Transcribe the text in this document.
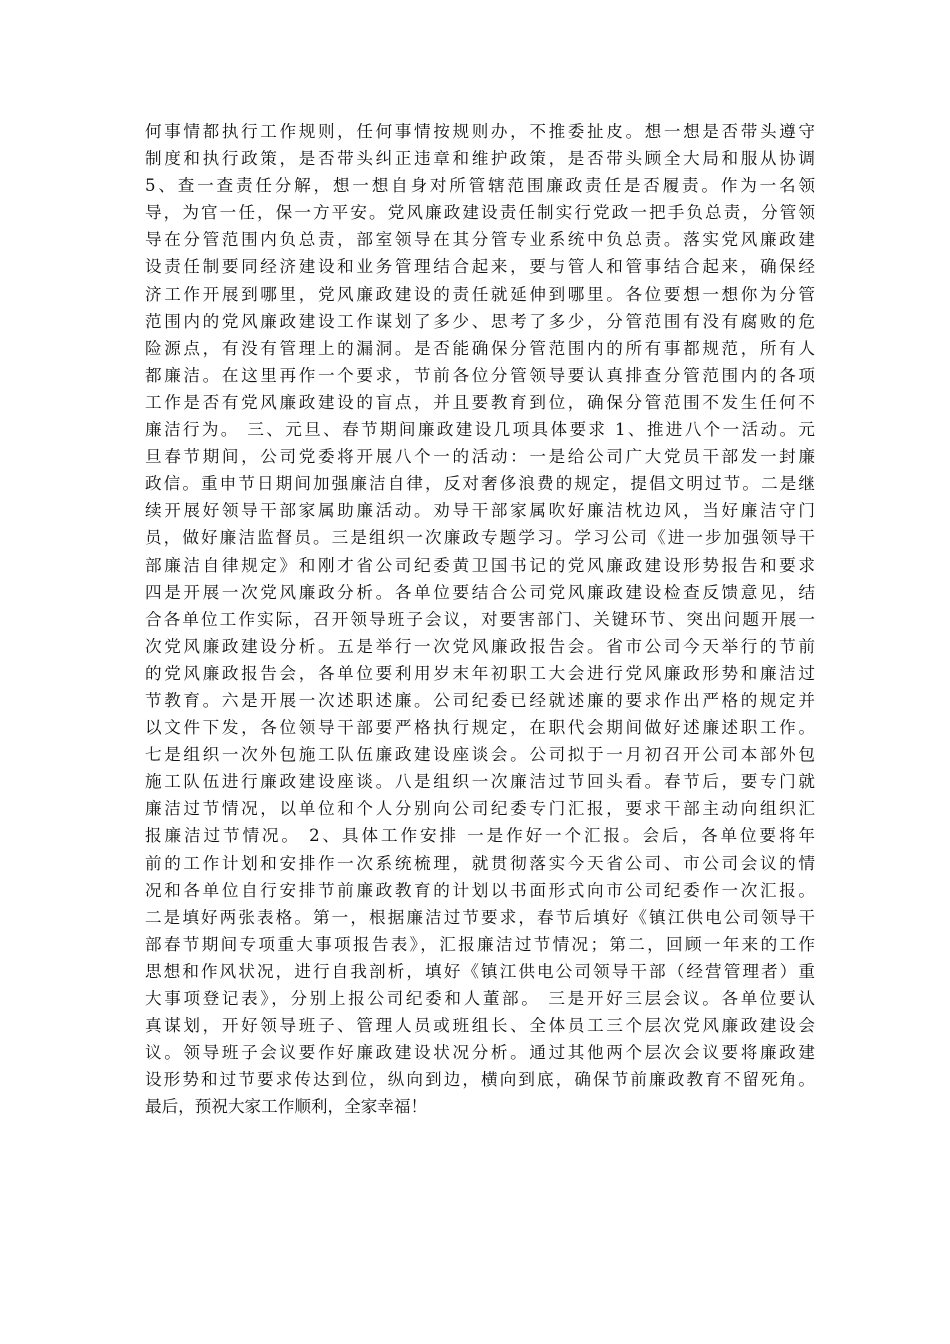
何事情都执行工作规则，任何事情按规则办，不推委扯皮。想一想是否带头遵守
制度和执行政策，是否带头纠正违章和维护政策，是否带头顾全大局和服从协调
5、查一查责任分解，想一想自身对所管辖范围廉政责任是否履责。作为一名领
导，为官一任，保一方平安。党风廉政建设责任制实行党政一把手负总责，分管领
导在分管范围内负总责，部室领导在其分管专业系统中负总责。落实党风廉政建
设责任制要同经济建设和业务管理结合起来，要与管人和管事结合起来，确保经
济工作开展到哪里，党风廉政建设的责任就延伸到哪里。各位要想一想你为分管
范围内的党风廉政建设工作谋划了多少、思考了多少，分管范围有没有腐败的危
险源点，有没有管理上的漏洞。是否能确保分管范围内的所有事都规范，所有人
都廉洁。在这里再作一个要求，节前各位分管领导要认真排查分管范围内的各项
工作是否有党风廉政建设的盲点，并且要教育到位，确保分管范围不发生任何不
廉洁行为。 三、元旦、春节期间廉政建设几项具体要求 1、推进八个一活动。元
旦春节期间，公司党委将开展八个一的活动：一是给公司广大党员干部发一封廉
政信。重申节日期间加强廉洁自律，反对奢侈浪费的规定，提倡文明过节。二是继
续开展好领导干部家属助廉活动。劝导干部家属吹好廉洁枕边风，当好廉洁守门
员，做好廉洁监督员。三是组织一次廉政专题学习。学习公司《进一步加强领导干
部廉洁自律规定》和刚才省公司纪委黄卫国书记的党风廉政建设形势报告和要求
四是开展一次党风廉政分析。各单位要结合公司党风廉政建设检查反馈意见，结
合各单位工作实际，召开领导班子会议，对要害部门、关键环节、突出问题开展一
次党风廉政建设分析。五是举行一次党风廉政报告会。省市公司今天举行的节前
的党风廉政报告会，各单位要利用岁末年初职工大会进行党风廉政形势和廉洁过
节教育。六是开展一次述职述廉。公司纪委已经就述廉的要求作出严格的规定并
以文件下发，各位领导干部要严格执行规定，在职代会期间做好述廉述职工作。
七是组织一次外包施工队伍廉政建设座谈会。公司拟于一月初召开公司本部外包
施工队伍进行廉政建设座谈。八是组织一次廉洁过节回头看。春节后，要专门就
廉洁过节情况，以单位和个人分别向公司纪委专门汇报，要求干部主动向组织汇
报廉洁过节情况。 2、具体工作安排 一是作好一个汇报。会后，各单位要将年
前的工作计划和安排作一次系统梳理，就贯彻落实今天省公司、市公司会议的情
况和各单位自行安排节前廉政教育的计划以书面形式向市公司纪委作一次汇报。
二是填好两张表格。第一，根据廉洁过节要求，春节后填好《镇江供电公司领导干
部春节期间专项重大事项报告表》，汇报廉洁过节情况；第二，回顾一年来的工作
思想和作风状况，进行自我剖析，填好《镇江供电公司领导干部（经营管理者）重
大事项登记表》，分别上报公司纪委和人董部。 三是开好三层会议。各单位要认
真谋划，开好领导班子、管理人员或班组长、全体员工三个层次党风廉政建设会
议。领导班子会议要作好廉政建设状况分析。通过其他两个层次会议要将廉政建
设形势和过节要求传达到位，纵向到边，横向到底，确保节前廉政教育不留死角。
最后，预祝大家工作顺利，全家幸福！
